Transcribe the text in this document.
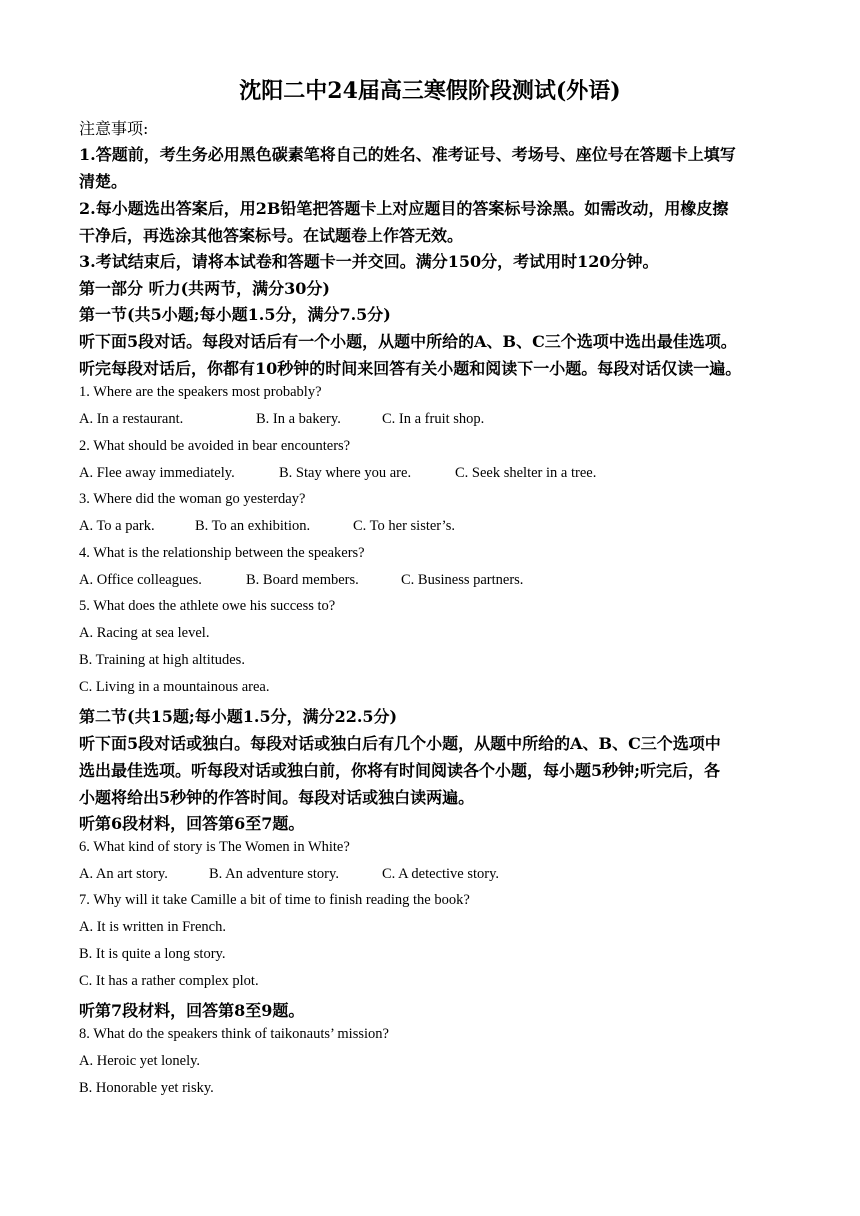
沈阳二中24届高三寒假阶段测试(外语)
注意事项:
1.答题前，考生务必用黑色碳素笔将自己的姓名、准考证号、考场号、座位号在答题卡上填写
清楚。
2.每小题选出答案后，用2B铅笔把答题卡上对应题目的答案标号涂黑。如需改动，用橡皮擦
干净后，再选涂其他答案标号。在试题卷上作答无效。
3.考试结束后，请将本试卷和答题卡一并交回。满分150分，考试用时120分钟。
第一部分 听力(共两节，满分30分)
第一节(共5小题;每小题1.5分，满分7.5分)
听下面5段对话。每段对话后有一个小题，从题中所给的A、B、C三个选项中选出最佳选项。
听完每段对话后，你都有10秒钟的时间来回答有关小题和阅读下一小题。每段对话仅读一遍。
1. Where are the speakers most probably?
A. In a restaurant.	B. In a bakery.	C. In a fruit shop.
2. What should be avoided in bear encounters?
A. Flee away immediately.	B. Stay where you are.	C. Seek shelter in a tree.
3. Where did the woman go yesterday?
A. To a park.	B. To an exhibition.	C. To her sister’s.
4. What is the relationship between the speakers?
A. Office colleagues.	B. Board members.	C. Business partners.
5. What does the athlete owe his success to?
A. Racing at sea level.
B. Training at high altitudes.
C. Living in a mountainous area.
第二节(共15题;每小题1.5分，满分22.5分)
听下面5段对话或独白。每段对话或独白后有几个小题，从题中所给的A、B、C三个选项中
选出最佳选项。听每段对话或独白前，你将有时间阅读各个小题，每小题5秒钟;听完后，各
小题将给出5秒钟的作答时间。每段对话或独白读两遍。
听第6段材料，回答第6至7题。
6. What kind of story is The Women in White?
A. An art story.	B. An adventure story.	C. A detective story.
7. Why will it take Camille a bit of time to finish reading the book?
A. It is written in French.
B. It is quite a long story.
C. It has a rather complex plot.
听第7段材料，回答第8至9题。
8. What do the speakers think of taikonauts’ mission?
A. Heroic yet lonely.
B. Honorable yet risky.
